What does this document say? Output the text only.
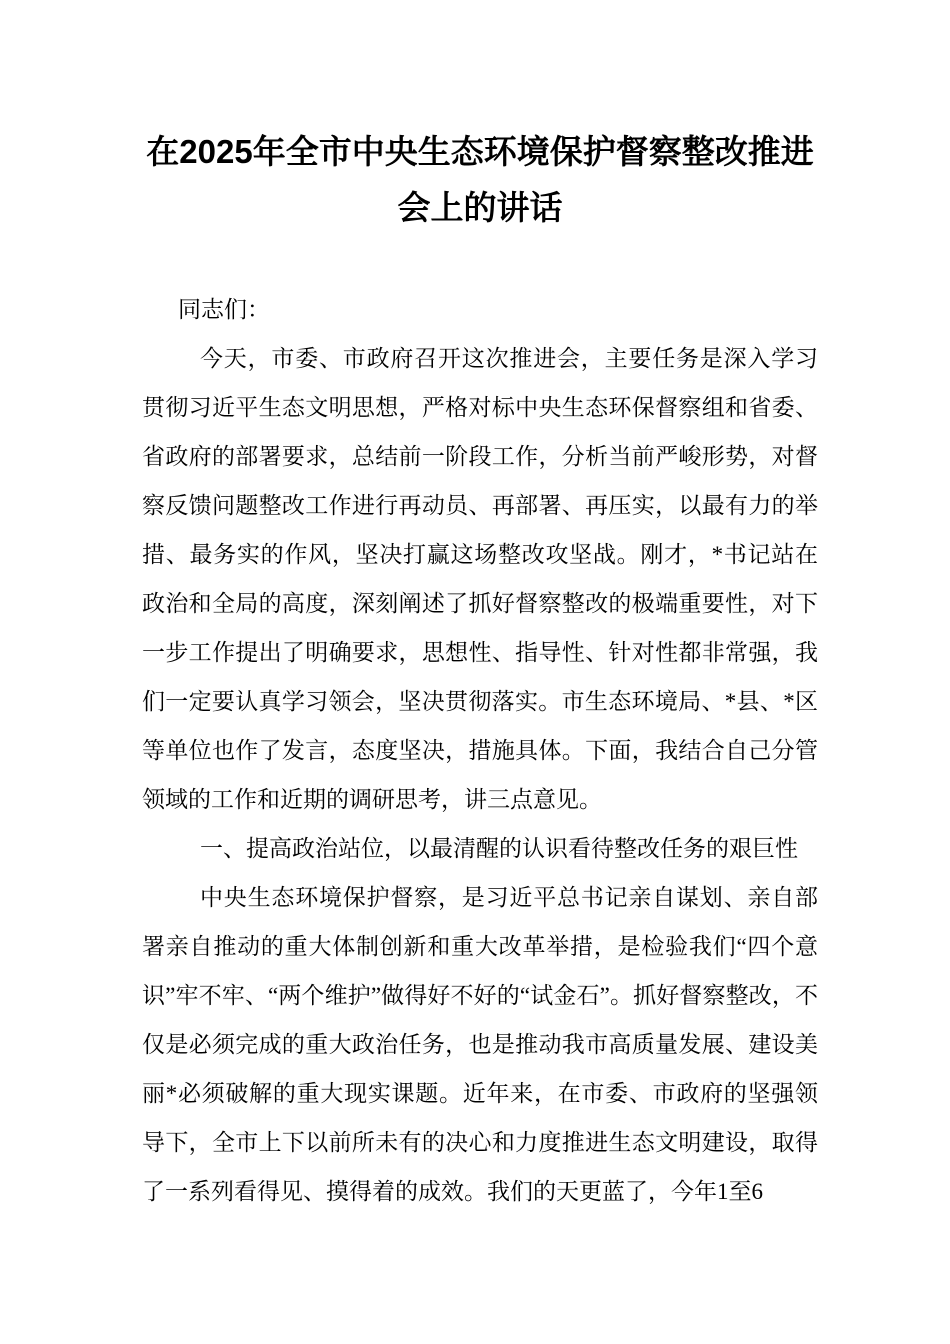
在2025年全市中央生态环境保护督察整改推进会上的讲话

同志们：

今天，市委、市政府召开这次推进会，主要任务是深入学习贯彻习近平生态文明思想，严格对标中央生态环保督察组和省委、省政府的部署要求，总结前一阶段工作，分析当前严峻形势，对督察反馈问题整改工作进行再动员、再部署、再压实，以最有力的举措、最务实的作风，坚决打赢这场整改攻坚战。刚才，*书记站在政治和全局的高度，深刻阐述了抓好督察整改的极端重要性，对下一步工作提出了明确要求，思想性、指导性、针对性都非常强，我们一定要认真学习领会，坚决贯彻落实。市生态环境局、*县、*区等单位也作了发言，态度坚决，措施具体。下面，我结合自己分管领域的工作和近期的调研思考，讲三点意见。

一、提高政治站位，以最清醒的认识看待整改任务的艰巨性

中央生态环境保护督察，是习近平总书记亲自谋划、亲自部署亲自推动的重大体制创新和重大改革举措，是检验我们“四个意识”牢不牢、“两个维护”做得好不好的“试金石”。抓好督察整改，不仅是必须完成的重大政治任务，也是推动我市高质量发展、建设美丽*必须破解的重大现实课题。近年来，在市委、市政府的坚强领导下，全市上下以前所未有的决心和力度推进生态文明建设，取得了一系列看得见、摸得着的成效。我们的天更蓝了，今年1至6
